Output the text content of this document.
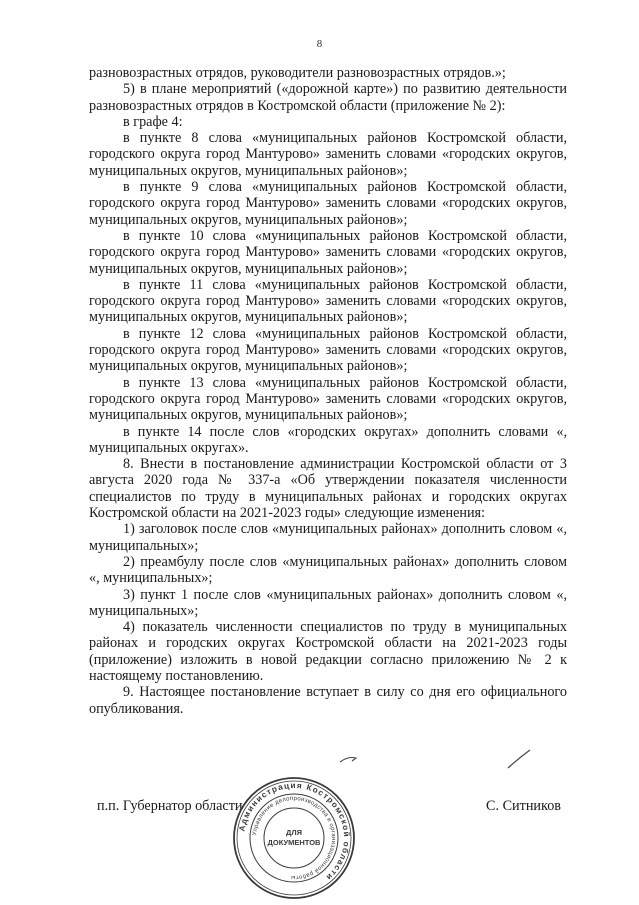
8

разновозрастных отрядов, руководители разновозрастных отрядов.»;

5) в плане мероприятий («дорожной карте») по развитию деятельности разновозрастных отрядов в Костромской области (приложение № 2):

в графе 4:

в пункте 8 слова «муниципальных районов Костромской области, городского округа город Мантурово» заменить словами «городских округов, муниципальных округов, муниципальных районов»;

в пункте 9 слова «муниципальных районов Костромской области, городского округа город Мантурово» заменить словами «городских округов, муниципальных округов, муниципальных районов»;

в пункте 10 слова «муниципальных районов Костромской области, городского округа город Мантурово» заменить словами «городских округов, муниципальных округов, муниципальных районов»;

в пункте 11 слова «муниципальных районов Костромской области, городского округа город Мантурово» заменить словами «городских округов, муниципальных округов, муниципальных районов»;

в пункте 12 слова «муниципальных районов Костромской области, городского округа город Мантурово» заменить словами «городских округов, муниципальных округов, муниципальных районов»;

в пункте 13 слова «муниципальных районов Костромской области, городского округа город Мантурово» заменить словами «городских округов, муниципальных округов, муниципальных районов»;

в пункте 14 после слов «городских округах» дополнить словами «, муниципальных округах».

8. Внести в постановление администрации Костромской области от 3 августа 2020 года № 337-а «Об утверждении показателя численности специалистов по труду в муниципальных районах и городских округах Костромской области на 2021-2023 годы» следующие изменения:

1) заголовок после слов «муниципальных районах» дополнить словом «, муниципальных»;

2) преамбулу после слов «муниципальных районах» дополнить словом «, муниципальных»;

3) пункт 1 после слов «муниципальных районах» дополнить словом «, муниципальных»;

4) показатель численности специалистов по труду в муниципальных районах и городских округах Костромской области на 2021-2023 годы (приложение) изложить в новой редакции согласно приложению № 2 к настоящему постановлению.

9. Настоящее постановление вступает в силу со дня его официального опубликования.

п.п. Губернатор области	С. Ситников
Администрация Костромской области
Управление делопроизводства и организационной работы
ДЛЯ
ДОКУМЕНТОВ
